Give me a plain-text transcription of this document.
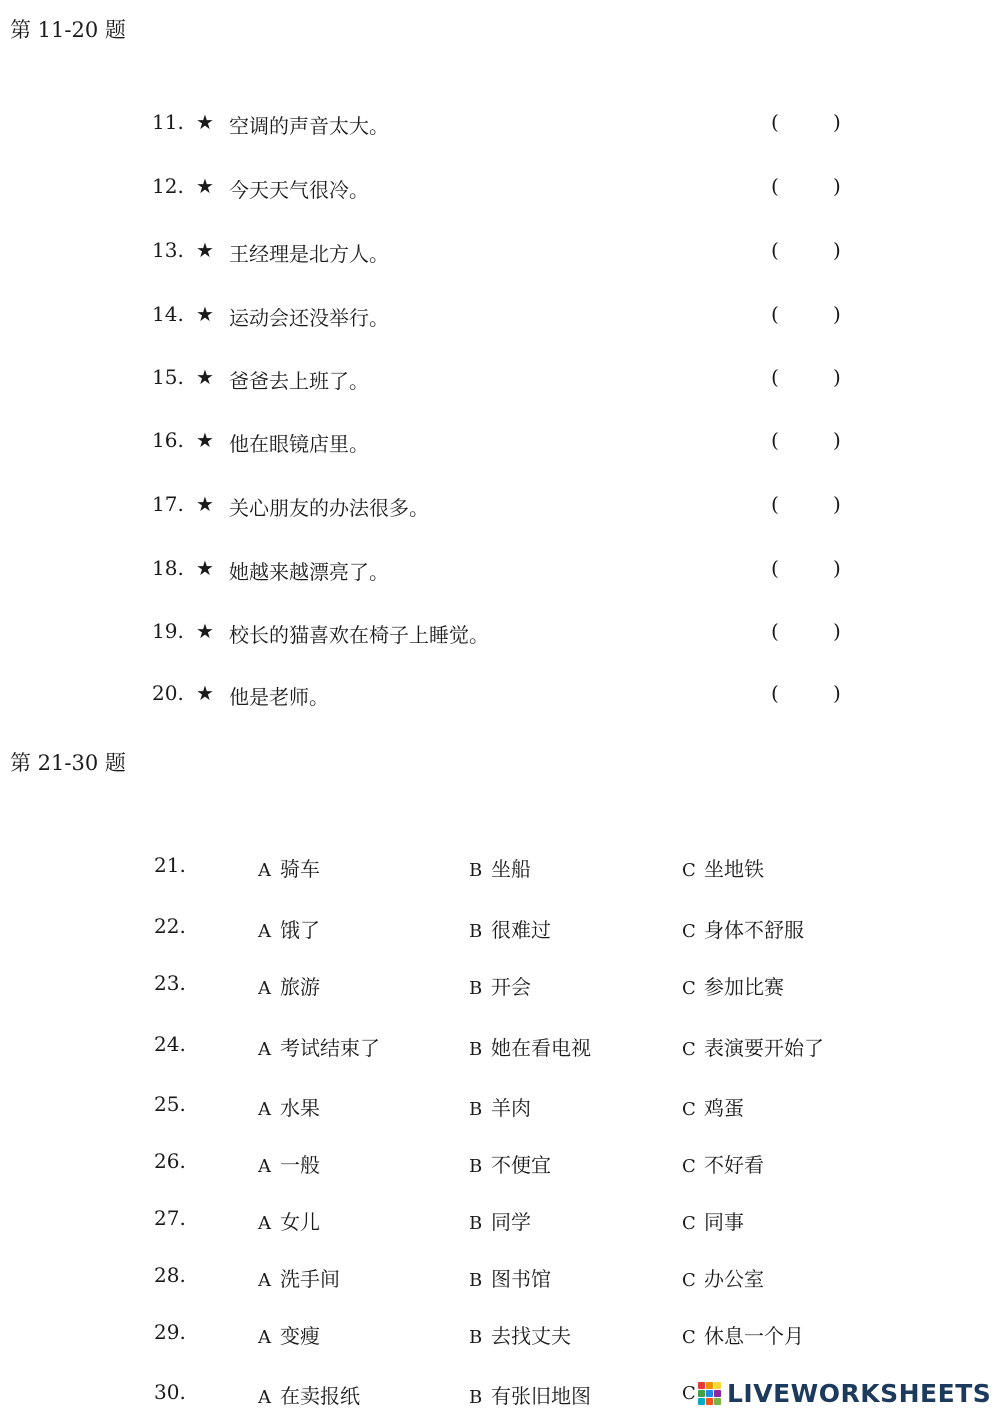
第 11-20 题
11. ★ 空调的声音太大。	(	)
12. ★ 今天天气很冷。	(	)
13. ★ 王经理是北方人。	(	)
14. ★ 运动会还没举行。	(	)
15. ★ 爸爸去上班了。	(	)
16. ★ 他在眼镜店里。	(	)
17. ★ 关心朋友的办法很多。	(	)
18. ★ 她越来越漂亮了。	(	)
19. ★ 校长的猫喜欢在椅子上睡觉。	(	)
20. ★ 他是老师。	(	)
第 21-30 题
21.	A 骑车	B 坐船	C 坐地铁
22.	A 饿了	B 很难过	C 身体不舒服
23.	A 旅游	B 开会	C 参加比赛
24.	A 考试结束了	B 她在看电视	C 表演要开始了
25.	A 水果	B 羊肉	C 鸡蛋
26.	A 一般	B 不便宜	C 不好看
27.	A 女儿	B 同学	C 同事
28.	A 洗手间	B 图书馆	C 办公室
29.	A 变瘦	B 去找丈夫	C 休息一个月
30.	A 在卖报纸	B 有张旧地图	C	LIVEWORKSHEETS
